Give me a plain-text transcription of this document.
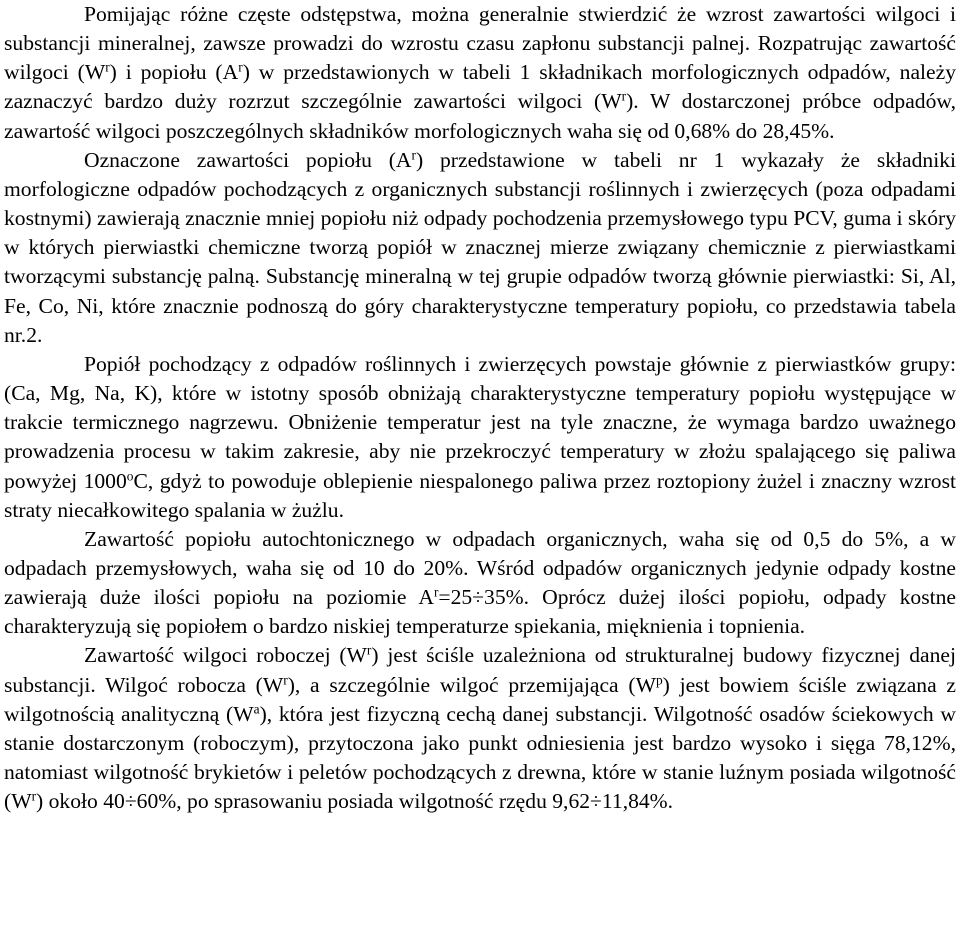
Pomijając różne częste odstępstwa, można generalnie stwierdzić że wzrost zawartości wilgoci i substancji mineralnej, zawsze prowadzi do wzrostu czasu zapłonu substancji palnej. Rozpatrując zawartość wilgoci $(W^r)$ i popiołu $(A^r)$ w przedstawionych w tabeli 1 składnikach morfologicznych odpadów, należy zaznaczyć bardzo duży rozrzut szczególnie zawartości wilgoci $(W^r)$. W dostarczonej próbce odpadów, zawartość wilgoci poszczególnych składników morfologicznych waha się od 0,68% do 28,45%.

Oznaczone zawartości popiołu $(A^r)$ przedstawione w tabeli nr 1 wykazały że składniki morfologiczne odpadów pochodzących z organicznych substancji roślinnych i zwierzęcych (poza odpadami kostnymi) zawierają znacznie mniej popiołu niż odpady pochodzenia przemysłowego typu PCV, guma i skóry w których pierwiastki chemiczne tworzą popiół w znacznej mierze związany chemicznie z pierwiastkami tworzącymi substancję palną. Substancję mineralną w tej grupie odpadów tworzą głównie pierwiastki: Si, Al, Fe, Co, Ni, które znacznie podnoszą do góry charakterystyczne temperatury popiołu, co przedstawia tabela nr.2.

Popiół pochodzący z odpadów roślinnych i zwierzęcych powstaje głównie z pierwiastków grupy: (Ca, Mg, Na, K), które w istotny sposób obniżają charakterystyczne temperatury popiołu występujące w trakcie termicznego nagrzewu. Obniżenie temperatur jest na tyle znaczne, że wymaga bardzo uważnego prowadzenia procesu w takim zakresie, aby nie przekroczyć temperatury w złożu spalającego się paliwa powyżej 1000$^o$C, gdyż to powoduje oblepienie niespalonego paliwa przez roztopiony żużel i znaczny wzrost straty niecałkowitego spalania w żużlu.

Zawartość popiołu autochtonicznego w odpadach organicznych, waha się od 0,5 do 5%, a w odpadach przemysłowych, waha się od 10 do 20%. Wśród odpadów organicznych jedynie odpady kostne zawierają duże ilości popiołu na poziomie $A^r=25\div 35\%$. Oprócz dużej ilości popiołu, odpady kostne charakteryzują się popiołem o bardzo niskiej temperaturze spiekania, mięknienia i topnienia.

Zawartość wilgoci roboczej $(W^r)$ jest ściśle uzależniona od strukturalnej budowy fizycznej danej substancji. Wilgoć robocza $(W^r)$, a szczególnie wilgoć przemijająca $(W^p)$ jest bowiem ściśle związana z wilgotnością analityczną $(W^a)$, która jest fizyczną cechą danej substancji. Wilgotność osadów ściekowych w stanie dostarczonym (roboczym), przytoczona jako punkt odniesienia jest bardzo wysoko i sięga 78,12%, natomiast wilgotność brykietów i peletów pochodzących z drewna, które w stanie luźnym posiada wilgotność $(W^r)$ około 40÷60%, po sprasowaniu posiada wilgotność rzędu 9,62÷11,84%.
